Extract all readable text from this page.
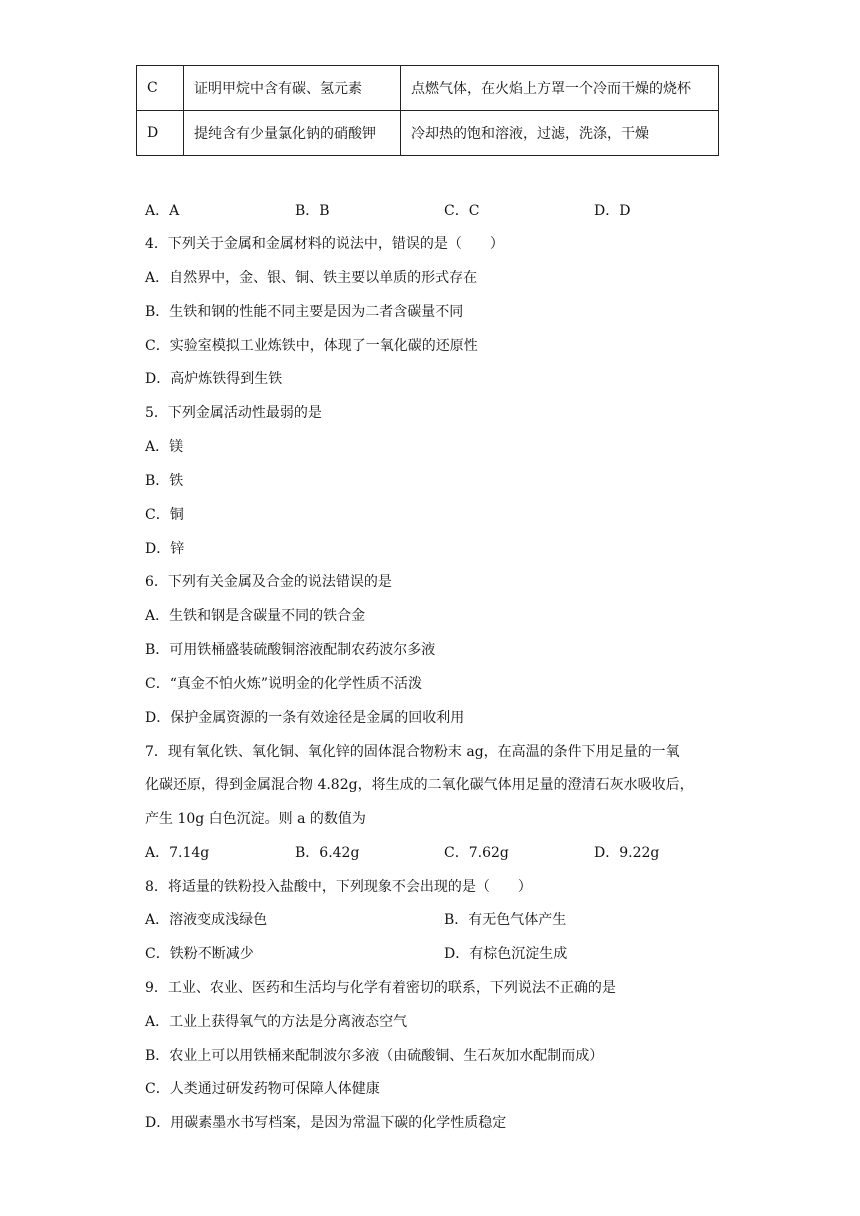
C	证明甲烷中含有碳、氢元素	点燃气体，在火焰上方罩一个冷而干燥的烧杯
D	提纯含有少量氯化钠的硝酸钾	冷却热的饱和溶液，过滤，洗涤，干燥
A．A	B．B	C．C	D．D
4．下列关于金属和金属材料的说法中，错误的是（　　）
A．自然界中，金、银、铜、铁主要以单质的形式存在
B．生铁和钢的性能不同主要是因为二者含碳量不同
C．实验室模拟工业炼铁中，体现了一氧化碳的还原性
D．高炉炼铁得到生铁
5．下列金属活动性最弱的是
A．镁
B．铁
C．铜
D．锌
6．下列有关金属及合金的说法错误的是
A．生铁和钢是含碳量不同的铁合金
B．可用铁桶盛装硫酸铜溶液配制农药波尔多液
C．“真金不怕火炼”说明金的化学性质不活泼
D．保护金属资源的一条有效途径是金属的回收利用
7．现有氧化铁、氧化铜、氧化锌的固体混合物粉末 ag，在高温的条件下用足量的一氧
化碳还原，得到金属混合物 4.82g，将生成的二氧化碳气体用足量的澄清石灰水吸收后，
产生 10g 白色沉淀。则 a 的数值为
A．7.14g	B．6.42g	C．7.62g	D．9.22g
8．将适量的铁粉投入盐酸中，下列现象不会出现的是（　　）
A．溶液变成浅绿色	B．有无色气体产生
C．铁粉不断减少	D．有棕色沉淀生成
9．工业、农业、医药和生活均与化学有着密切的联系，下列说法不正确的是
A．工业上获得氧气的方法是分离液态空气
B．农业上可以用铁桶来配制波尔多液（由硫酸铜、生石灰加水配制而成）
C．人类通过研发药物可保障人体健康
D．用碳素墨水书写档案，是因为常温下碳的化学性质稳定
